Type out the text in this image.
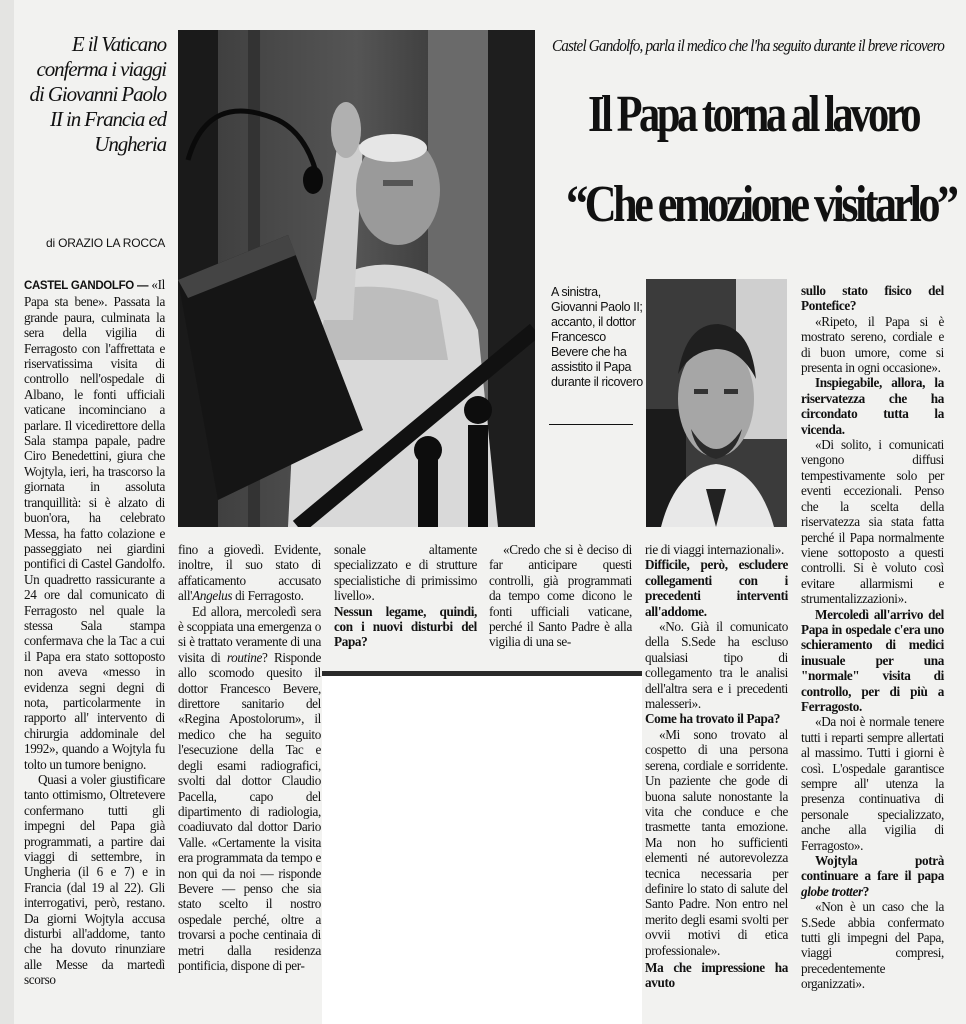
E il Vaticano conferma i viaggi di Giovanni Paolo II in Francia ed Ungheria
di ORAZIO LA ROCCA

CASTEL GANDOLFO — «Il Papa sta bene». Passata la grande paura, culminata la sera della vigilia di Ferragosto con l'affrettata e riservatissima visita di controllo nell'ospedale di Albano, le fonti ufficiali vaticane incominciano a parlare. Il vicedirettore della Sala stampa papale, padre Ciro Benedettini, giura che Wojtyla, ieri, ha trascorso la giornata in assoluta tranquillità: si è alzato di buon'ora, ha celebrato Messa, ha fatto colazione e passeggiato nei giardini pontifici di Castel Gandolfo. Un quadretto rassicurante a 24 ore dal comunicato di Ferragosto nel quale la stessa Sala stampa confermava che la Tac a cui il Papa era stato sottoposto non aveva «messo in evidenza segni degni di nota, particolarmente in rapporto all' intervento di chirurgia addominale del 1992», quando a Wojtyla fu tolto un tumore benigno.

Quasi a voler giustificare tanto ottimismo, Oltretevere confermano tutti gli impegni del Papa già programmati, a partire dai viaggi di settembre, in Ungheria (il 6 e 7) e in Francia (dal 19 al 22). Gli interrogativi, però, restano. Da giorni Wojtyla accusa disturbi all'addome, tanto che ha dovuto rinunziare alle Messe da martedì scorso

Castel Gandolfo, parla il medico che l'ha seguito durante il breve ricovero
Il Papa torna al lavoro
“Che emozione visitarlo”
A sinistra, Giovanni Paolo II; accanto, il dottor Francesco Bevere che ha assistito il Papa durante il ricovero

fino a giovedì. Evidente, inoltre, il suo stato di affaticamento accusato all'Angelus di Ferragosto.

Ed allora, mercoledì sera è scoppiata una emergenza o si è trattato veramente di una visita di routine? Risponde allo scomodo quesito il dottor Francesco Bevere, direttore sanitario del «Regina Apostolorum», il medico che ha seguito l'esecuzione della Tac e degli esami radiografici, svolti dal dottor Claudio Pacella, capo del dipartimento di radiologia, coadiuvato dal dottor Dario Valle. «Certamente la visita era programmata da tempo e non qui da noi — risponde Bevere — penso che sia stato scelto il nostro ospedale perché, oltre a trovarsi a poche centinaia di metri dalla residenza pontificia, dispone di per-

sonale altamente specializzato e di strutture specialistiche di primissimo livello».

Nessun legame, quindi, con i nuovi disturbi del Papa?

«Credo che si è deciso di far anticipare questi controlli, già programmati da tempo come dicono le fonti ufficiali vaticane, perché il Santo Padre è alla vigilia di una se-

rie di viaggi internazionali».

Difficile, però, escludere collegamenti con i precedenti interventi all'addome.

«No. Già il comunicato della S.Sede ha escluso qualsiasi tipo di collegamento tra le analisi dell'altra sera e i precedenti malesseri».

Come ha trovato il Papa?

«Mi sono trovato al cospetto di una persona serena, cordiale e sorridente. Un paziente che gode di buona salute nonostante la vita che conduce e che trasmette tanta emozione. Ma non ho sufficienti elementi né autorevolezza tecnica necessaria per definire lo stato di salute del Santo Padre. Non entro nel merito degli esami svolti per ovvii motivi di etica professionale».

Ma che impressione ha avuto

sullo stato fisico del Pontefice?

«Ripeto, il Papa si è mostrato sereno, cordiale e di buon umore, come si presenta in ogni occasione».

Inspiegabile, allora, la riservatezza che ha circondato tutta la vicenda.

«Di solito, i comunicati vengono diffusi tempestivamente solo per eventi eccezionali. Penso che la scelta della riservatezza sia stata fatta perché il Papa normalmente viene sottoposto a questi controlli. Si è voluto così evitare allarmismi e strumentalizzazioni».

Mercoledì all'arrivo del Papa in ospedale c'era uno schieramento di medici inusuale per una "normale" visita di controllo, per di più a Ferragosto.

«Da noi è normale tenere tutti i reparti sempre allertati al massimo. Tutti i giorni è così. L'ospedale garantisce sempre all' utenza la presenza continuativa di personale specializzato, anche alla vigilia di Ferragosto».

Wojtyla potrà continuare a fare il papa globe trotter?

«Non è un caso che la S.Sede abbia confermato tutti gli impegni del Papa, viaggi compresi, precedentemente organizzati».
